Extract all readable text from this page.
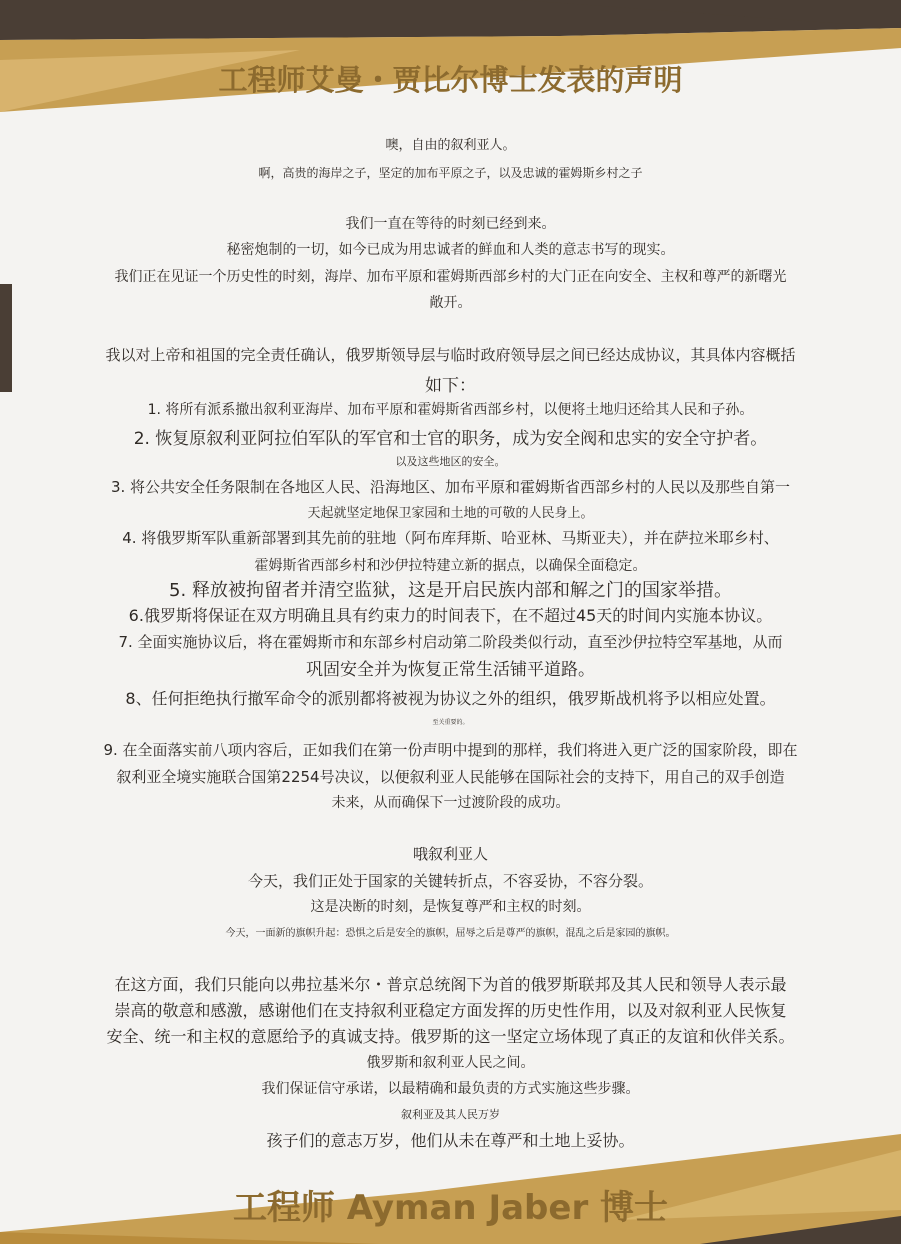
工程师艾曼・贾比尔博士发表的声明

噢，自由的叙利亚人。

啊，高贵的海岸之子，坚定的加布平原之子，以及忠诚的霍姆斯乡村之子

我们一直在等待的时刻已经到来。

秘密炮制的一切，如今已成为用忠诚者的鲜血和人类的意志书写的现实。

我们正在见证一个历史性的时刻，海岸、加布平原和霍姆斯西部乡村的大门正在向安全、主权和尊严的新曙光

敞开。

我以对上帝和祖国的完全责任确认，俄罗斯领导层与临时政府领导层之间已经达成协议，其具体内容概括

如下：

1. 将所有派系撤出叙利亚海岸、加布平原和霍姆斯省西部乡村，以便将土地归还给其人民和子孙。

2. 恢复原叙利亚阿拉伯军队的军官和士官的职务，成为安全阀和忠实的安全守护者。

以及这些地区的安全。

3. 将公共安全任务限制在各地区人民、沿海地区、加布平原和霍姆斯省西部乡村的人民以及那些自第一

天起就坚定地保卫家园和土地的可敬的人民身上。

4. 将俄罗斯军队重新部署到其先前的驻地（阿布库拜斯、哈亚林、马斯亚夫），并在萨拉米耶乡村、

霍姆斯省西部乡村和沙伊拉特建立新的据点，以确保全面稳定。

5. 释放被拘留者并清空监狱，这是开启民族内部和解之门的国家举措。

6.俄罗斯将保证在双方明确且具有约束力的时间表下，在不超过45天的时间内实施本协议。

7. 全面实施协议后，将在霍姆斯市和东部乡村启动第二阶段类似行动，直至沙伊拉特空军基地，从而

巩固安全并为恢复正常生活铺平道路。

8、任何拒绝执行撤军命令的派别都将被视为协议之外的组织，俄罗斯战机将予以相应处置。

至关重要的。

9. 在全面落实前八项内容后，正如我们在第一份声明中提到的那样，我们将进入更广泛的国家阶段，即在

叙利亚全境实施联合国第2254号决议，以便叙利亚人民能够在国际社会的支持下，用自己的双手创造

未来，从而确保下一过渡阶段的成功。

哦叙利亚人

今天，我们正处于国家的关键转折点，不容妥协，不容分裂。

这是决断的时刻，是恢复尊严和主权的时刻。

今天，一面新的旗帜升起：恐惧之后是安全的旗帜，屈辱之后是尊严的旗帜，混乱之后是家园的旗帜。

在这方面，我们只能向以弗拉基米尔・普京总统阁下为首的俄罗斯联邦及其人民和领导人表示最

崇高的敬意和感激，感谢他们在支持叙利亚稳定方面发挥的历史性作用，以及对叙利亚人民恢复

安全、统一和主权的意愿给予的真诚支持。俄罗斯的这一坚定立场体现了真正的友谊和伙伴关系。

俄罗斯和叙利亚人民之间。

我们保证信守承诺，以最精确和最负责的方式实施这些步骤。

叙利亚及其人民万岁

孩子们的意志万岁，他们从未在尊严和土地上妥协。

工程师 Ayman Jaber 博士
